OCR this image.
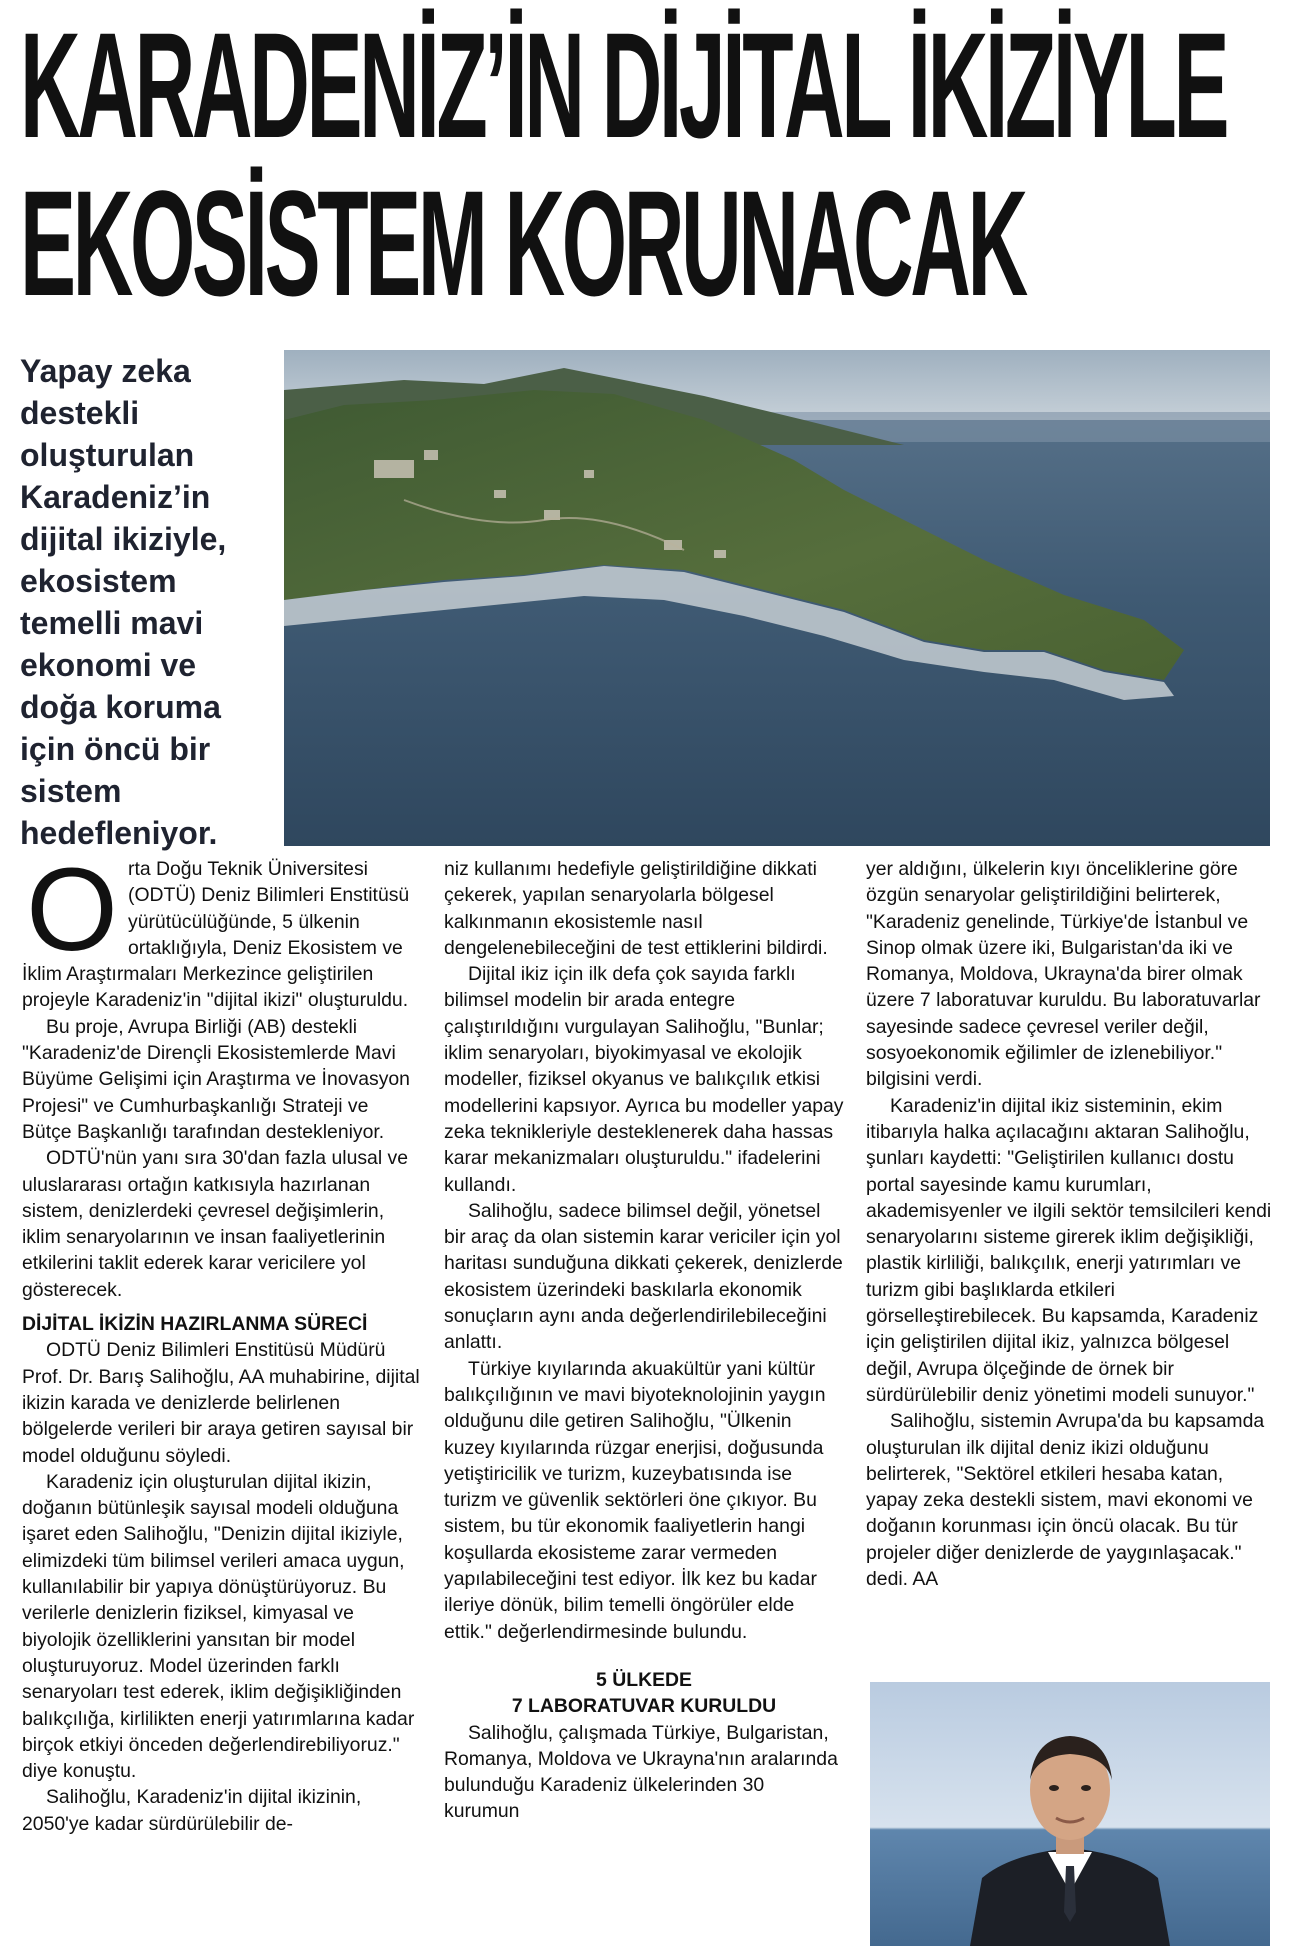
KARADENİZ’İN DİJİTAL İKİZİYLE
EKOSİSTEM KORUNACAK
Yapay zeka destekli oluşturulan Karadeniz’in dijital ikiziyle, ekosistem temelli mavi ekonomi ve doğa koruma için öncü bir sistem hedefleniyor.

Orta Doğu Teknik Üniversitesi (ODTÜ) Deniz Bilimleri Enstitüsü yürütücülüğünde, 5 ülkenin ortaklığıyla, Deniz Ekosistem ve İklim Araştırmaları Merkezince geliştirilen projeyle Karadeniz'in "dijital ikizi" oluşturuldu.

Bu proje, Avrupa Birliği (AB) destekli "Karadeniz'de Dirençli Ekosistemlerde Mavi Büyüme Gelişimi için Araştırma ve İnovasyon Projesi" ve Cumhurbaşkanlığı Strateji ve Bütçe Başkanlığı tarafından destekleniyor.

ODTÜ'nün yanı sıra 30'dan fazla ulusal ve uluslararası ortağın katkısıyla hazırlanan sistem, denizlerdeki çevresel değişimlerin, iklim senaryolarının ve insan faaliyetlerinin etkilerini taklit ederek karar vericilere yol gösterecek.

DİJİTAL İKİZİN HAZIRLANMA SÜRECİ

ODTÜ Deniz Bilimleri Enstitüsü Müdürü Prof. Dr. Barış Salihoğlu, AA muhabirine, dijital ikizin karada ve denizlerde belirlenen bölgelerde verileri bir araya getiren sayısal bir model olduğunu söyledi.

Karadeniz için oluşturulan dijital ikizin, doğanın bütünleşik sayısal modeli olduğuna işaret eden Salihoğlu, "Denizin dijital ikiziyle, elimizdeki tüm bilimsel verileri amaca uygun, kullanılabilir bir yapıya dönüştürüyoruz. Bu verilerle denizlerin fiziksel, kimyasal ve biyolojik özelliklerini yansıtan bir model oluşturuyoruz. Model üzerinden farklı senaryoları test ederek, iklim değişikliğinden balıkçılığa, kirlilikten enerji yatırımlarına kadar birçok etkiyi önceden değerlendirebiliyoruz." diye konuştu.

Salihoğlu, Karadeniz'in dijital ikizinin, 2050'ye kadar sürdürülebilir de-

niz kullanımı hedefiyle geliştirildiğine dikkati çekerek, yapılan senaryolarla bölgesel kalkınmanın ekosistemle nasıl dengelenebileceğini de test ettiklerini bildirdi.

Dijital ikiz için ilk defa çok sayıda farklı bilimsel modelin bir arada entegre çalıştırıldığını vurgulayan Salihoğlu, "Bunlar; iklim senaryoları, biyokimyasal ve ekolojik modeller, fiziksel okyanus ve balıkçılık etkisi modellerini kapsıyor. Ayrıca bu modeller yapay zeka teknikleriyle desteklenerek daha hassas karar mekanizmaları oluşturuldu." ifadelerini kullandı.

Salihoğlu, sadece bilimsel değil, yönetsel bir araç da olan sistemin karar vericiler için yol haritası sunduğuna dikkati çekerek, denizlerde ekosistem üzerindeki baskılarla ekonomik sonuçların aynı anda değerlendirilebileceğini anlattı.

Türkiye kıyılarında akuakültür yani kültür balıkçılığının ve mavi biyoteknolojinin yaygın olduğunu dile getiren Salihoğlu, "Ülkenin kuzey kıyılarında rüzgar enerjisi, doğusunda yetiştiricilik ve turizm, kuzeybatısında ise turizm ve güvenlik sektörleri öne çıkıyor. Bu sistem, bu tür ekonomik faaliyetlerin hangi koşullarda ekosisteme zarar vermeden yapılabileceğini test ediyor. İlk kez bu kadar ileriye dönük, bilim temelli öngörüler elde ettik." değerlendirmesinde bulundu.

5 ÜLKEDE

7 LABORATUVAR KURULDU

Salihoğlu, çalışmada Türkiye, Bulgaristan, Romanya, Moldova ve Ukrayna'nın aralarında bulunduğu Karadeniz ülkelerinden 30 kurumun

yer aldığını, ülkelerin kıyı önceliklerine göre özgün senaryolar geliştirildiğini belirterek, "Karadeniz genelinde, Türkiye'de İstanbul ve Sinop olmak üzere iki, Bulgaristan'da iki ve Romanya, Moldova, Ukrayna'da birer olmak üzere 7 laboratuvar kuruldu. Bu laboratuvarlar sayesinde sadece çevresel veriler değil, sosyoekonomik eğilimler de izlenebiliyor." bilgisini verdi.

Karadeniz'in dijital ikiz sisteminin, ekim itibarıyla halka açılacağını aktaran Salihoğlu, şunları kaydetti: "Geliştirilen kullanıcı dostu portal sayesinde kamu kurumları, akademisyenler ve ilgili sektör temsilcileri kendi senaryolarını sisteme girerek iklim değişikliği, plastik kirliliği, balıkçılık, enerji yatırımları ve turizm gibi başlıklarda etkileri görselleştirebilecek. Bu kapsamda, Karadeniz için geliştirilen dijital ikiz, yalnızca bölgesel değil, Avrupa ölçeğinde de örnek bir sürdürülebilir deniz yönetimi modeli sunuyor."

Salihoğlu, sistemin Avrupa'da bu kapsamda oluşturulan ilk dijital deniz ikizi olduğunu belirterek, "Sektörel etkileri hesaba katan, yapay zeka destekli sistem, mavi ekonomi ve doğanın korunması için öncü olacak. Bu tür projeler diğer denizlerde de yaygınlaşacak." dedi. AA
